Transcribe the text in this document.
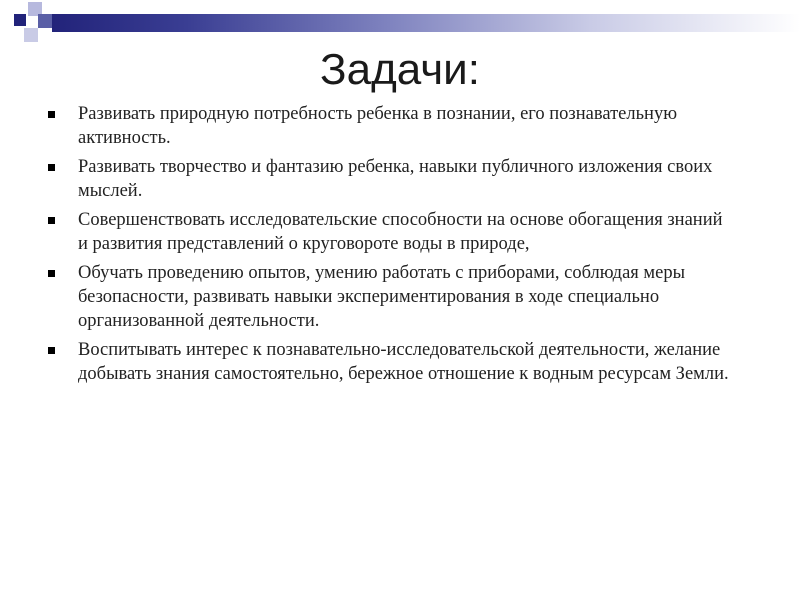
Задачи:
Развивать природную потребность ребенка в познании, его познавательную активность.
Развивать творчество и фантазию ребенка, навыки публичного изложения своих мыслей.
Совершенствовать исследовательские способности на основе обогащения знаний и развития представлений о круговороте воды в природе,
Обучать проведению опытов, умению работать с приборами, соблюдая меры безопасности, развивать навыки экспериментирования в ходе специально организованной деятельности.
Воспитывать интерес к познавательно-исследовательской деятельности, желание добывать знания самостоятельно, бережное отношение к водным ресурсам Земли.
